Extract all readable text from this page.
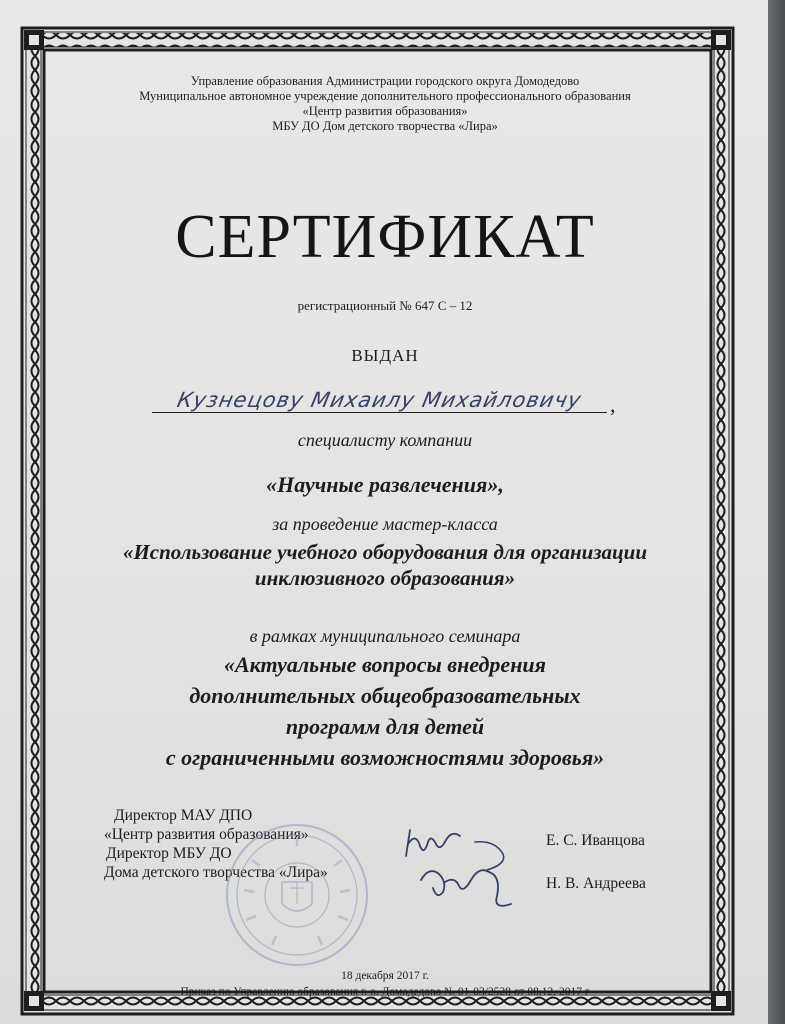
Управление образования Администрации городского округа Домодедово
Муниципальное автономное учреждение дополнительного профессионального образования
«Центр развития образования»
МБУ ДО Дом детского творчества «Лира»
СЕРТИФИКАТ
регистрационный № 647 С – 12
ВЫДАН
Кузнецову Михаилу Михайловичу	,
специалисту компании
«Научные развлечения»,
за проведение мастер-класса
«Использование учебного оборудования для организации
инклюзивного образования»
в рамках муниципального семинара
«Актуальные вопросы внедрения
дополнительных общеобразовательных
программ для детей
с ограниченными возможностями здоровья»
Директор МАУ ДПО
«Центр развития образования»
Директор МБУ ДО
Дома детского творчества «Лира»
Е. С. Иванцова
Н. В. Андреева
18 декабря 2017 г.
Приказ по Управлению образования г. о. Домодедово № 01-03/2528 от 08.12. 2017 г
